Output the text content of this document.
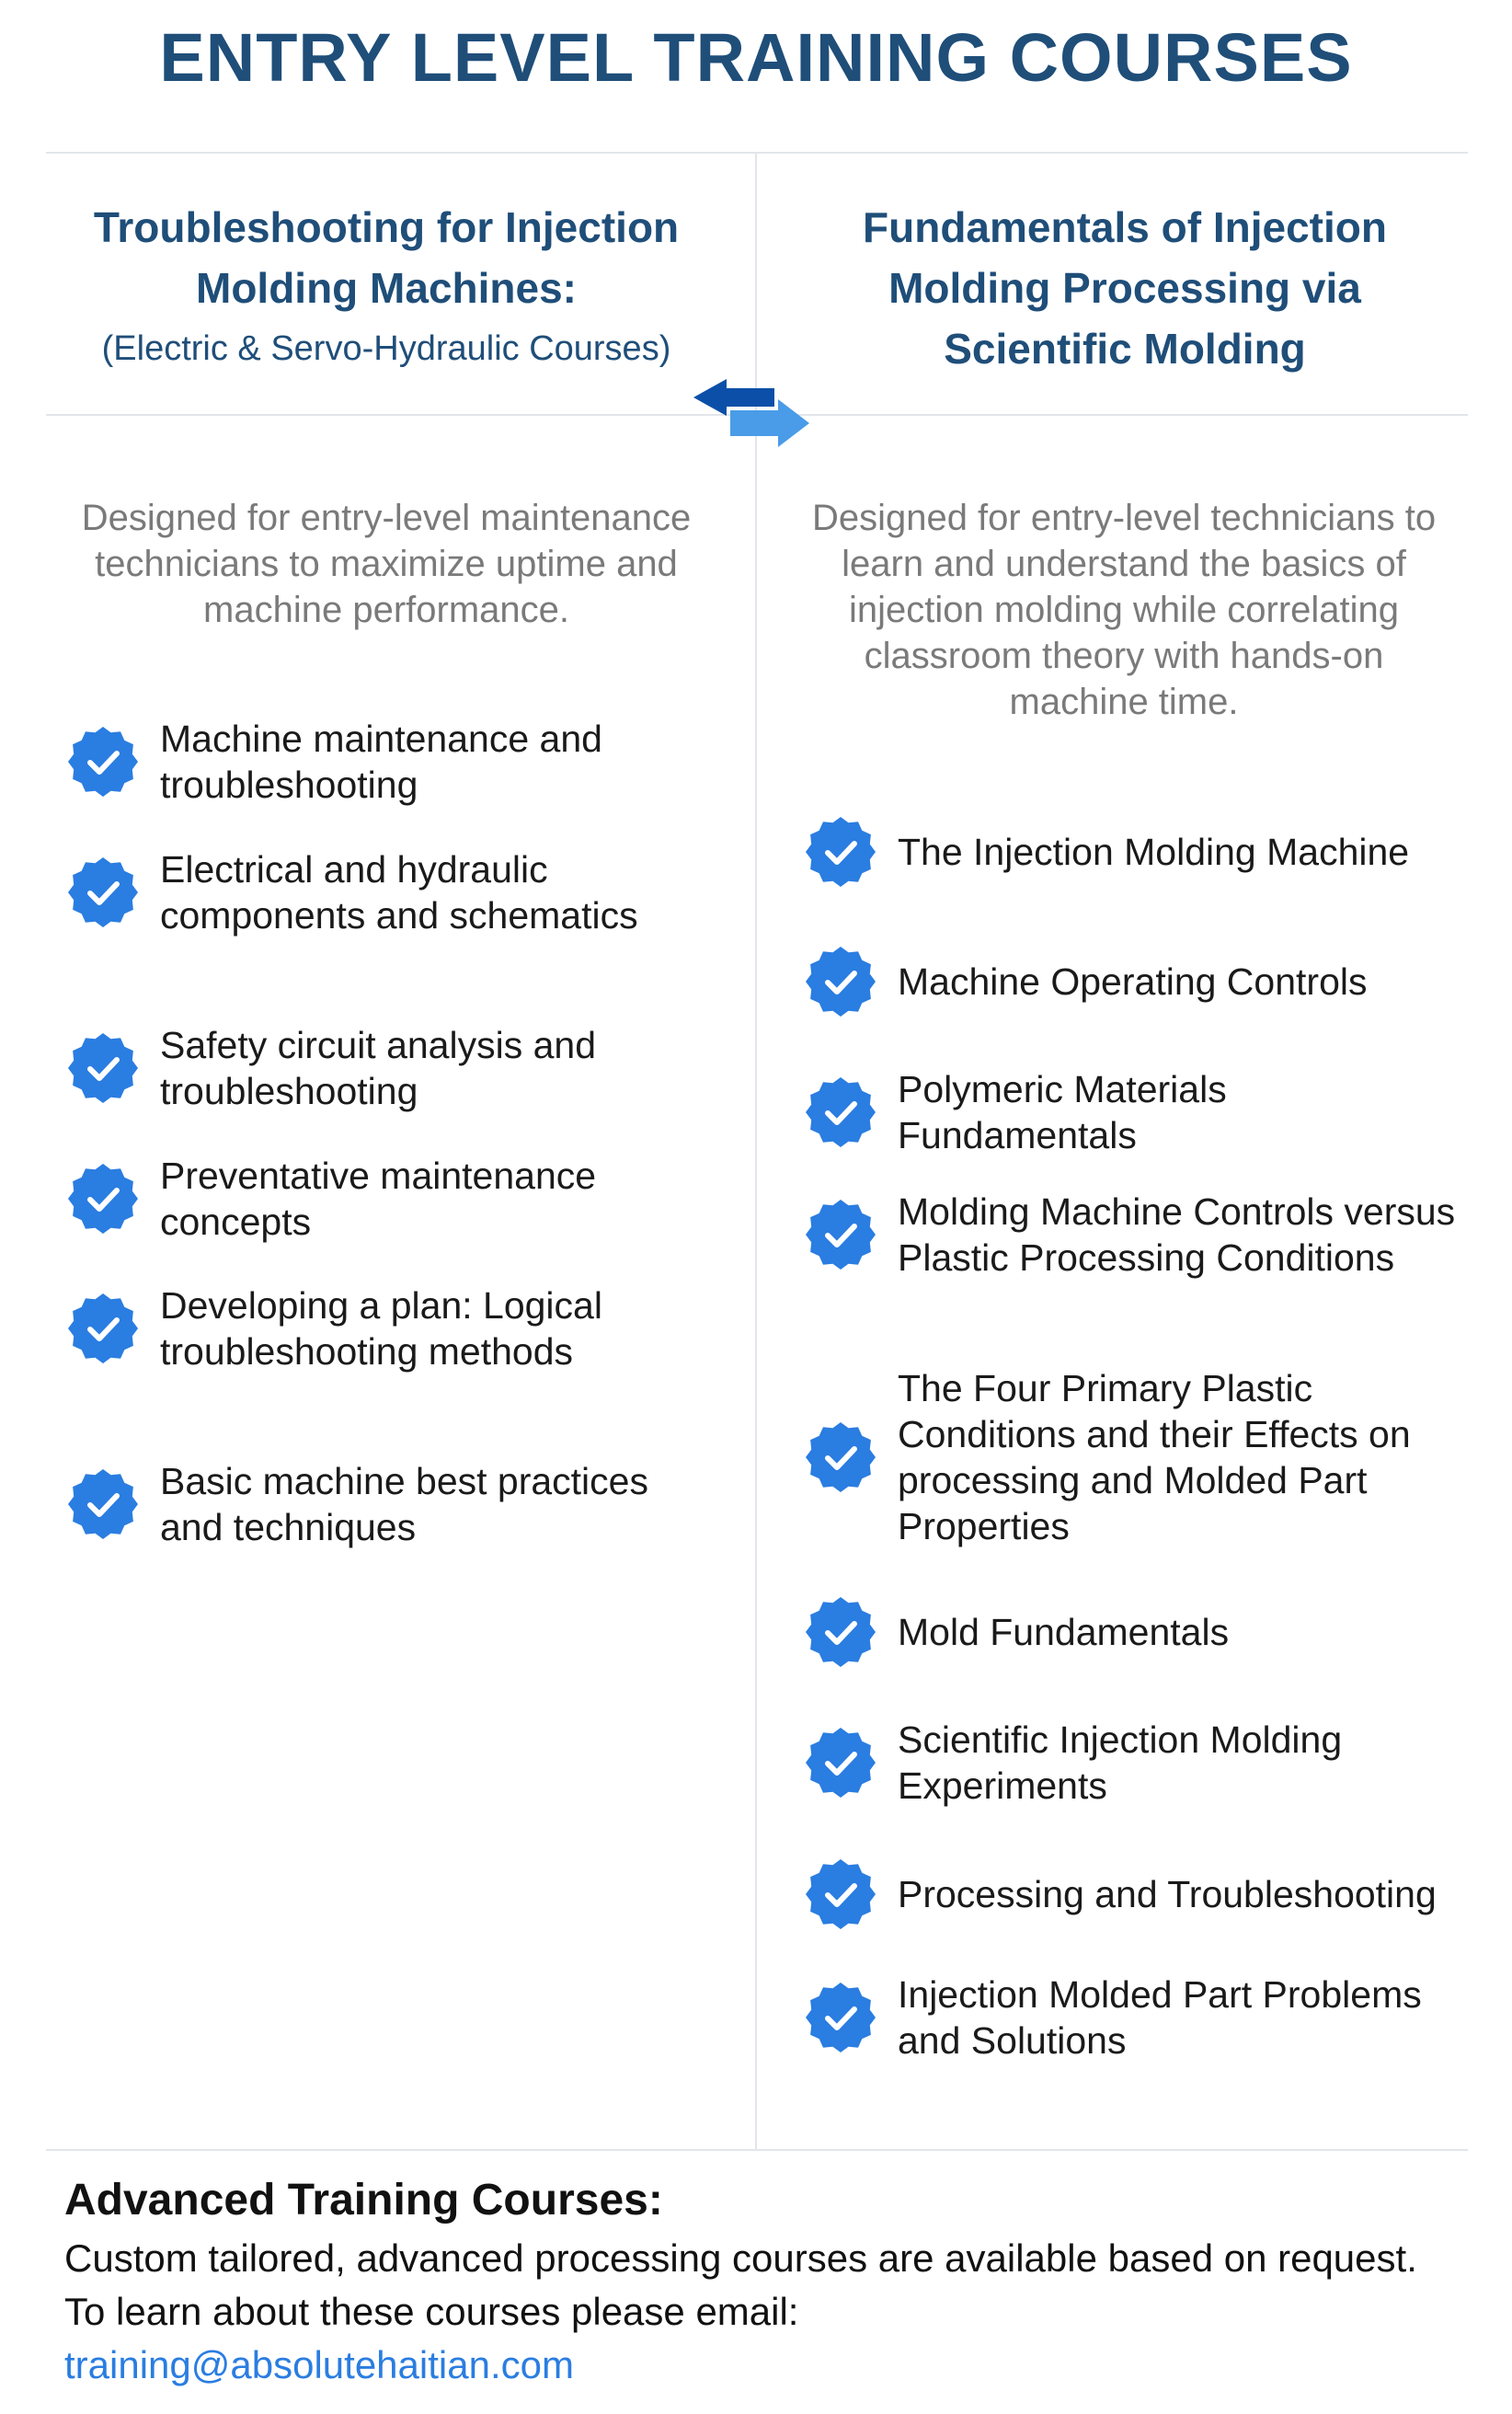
ENTRY LEVEL TRAINING COURSES
Troubleshooting for Injection
Molding Machines:
(Electric & Servo-Hydraulic Courses)
Fundamentals of Injection
Molding Processing via
Scientific Molding
Designed for entry-level maintenance technicians to maximize uptime and machine performance.
Designed for entry-level technicians to learn and understand the basics of injection molding while correlating classroom theory with hands-on machine time.
Machine maintenance and troubleshooting
Electrical and hydraulic components and schematics
Safety circuit analysis and troubleshooting
Preventative maintenance concepts
Developing a plan: Logical troubleshooting methods
Basic machine best practices and techniques
The Injection Molding Machine
Machine Operating Controls
Polymeric Materials Fundamentals
Molding Machine Controls versus Plastic Processing Conditions
The Four Primary Plastic Conditions and their Effects on processing and Molded Part Properties
Mold Fundamentals
Scientific Injection Molding Experiments
Processing and Troubleshooting
Injection Molded Part Problems and Solutions
Advanced Training Courses:
Custom tailored, advanced processing courses are available based on request. To learn about these courses please email:
training@absolutehaitian.com
